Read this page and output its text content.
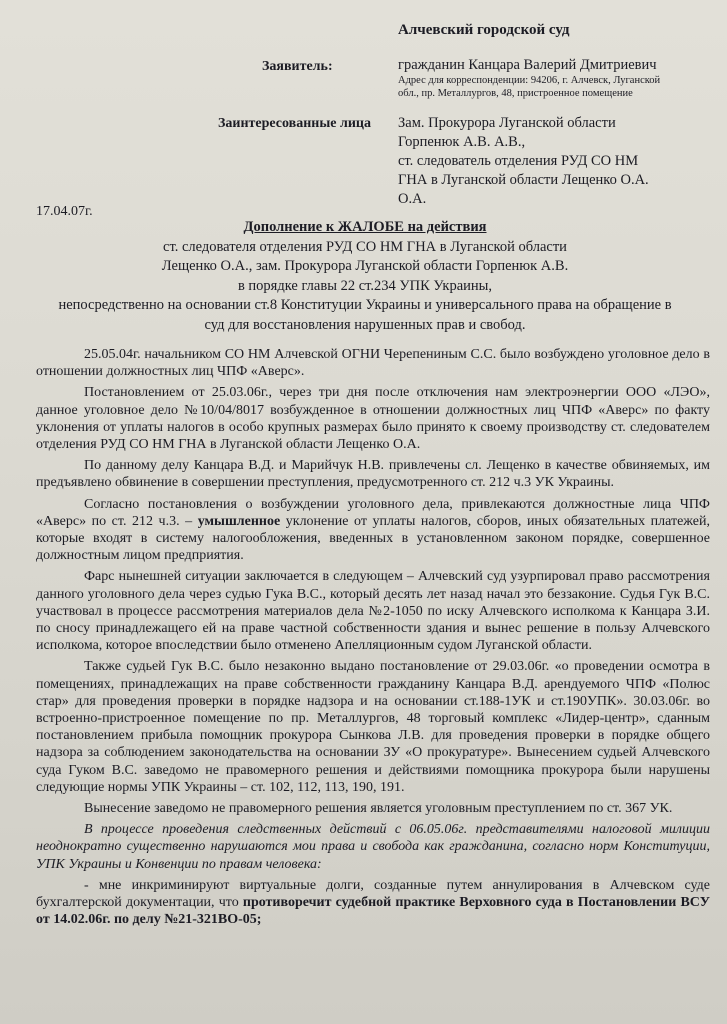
Алчевский городской суд
Заявитель:	гражданин Канцара Валерий Дмитриевич
Адрес для корреспонденции: 94206, г. Алчевск, Луганской
обл., пр. Металлургов, 48, пристроенное помещение
Заинтересованные лица Зам. Прокурора Луганской области
Горпенюк А.В. А.В.,
ст. следователь отделения РУД СО НМ
ГНА в Луганской области Лещенко О.А.
О.А.
17.04.07г.
Дополнение к ЖАЛОБЕ на действия
ст. следователя отделения РУД СО НМ ГНА в Луганской области
Лещенко О.А., зам. Прокурора Луганской области Горпенюк А.В.
в порядке главы 22 ст.234 УПК Украины,
непосредственно на основании ст.8 Конституции Украины и универсального права на обращение в
суд для восстановления нарушенных прав и свобод.

25.05.04г. начальником СО НМ Алчевской ОГНИ Черепениным С.С. было возбуждено уголовное дело в отношении должностных лиц ЧПФ «Аверс».

Постановлением от 25.03.06г., через три дня после отключения нам электроэнергии ООО «ЛЭО», данное уголовное дело №10/04/8017 возбужденное в отношении должностных лиц ЧПФ «Аверс» по факту уклонения от уплаты налогов в особо крупных размерах было принято к своему производству ст. следователем отделения РУД СО НМ ГНА в Луганской области Лещенко О.А.

По данному делу Канцара В.Д. и Марийчук Н.В. привлечены сл. Лещенко в качестве обвиняемых, им предъявлено обвинение в совершении преступления, предусмотренного ст. 212 ч.3 УК Украины.

Согласно постановления о возбуждении уголовного дела, привлекаются должностные лица ЧПФ «Аверс» по ст. 212 ч.3. – умышленное уклонение от уплаты налогов, сборов, иных обязательных платежей, которые входят в систему налогообложения, введенных в установленном законом порядке, совершенное должностным лицом предприятия.

Фарс нынешней ситуации заключается в следующем – Алчевский суд узурпировал право рассмотрения данного уголовного дела через судью Гука В.С., который десять лет назад начал это беззаконие. Судья Гук В.С. участвовал в процессе рассмотрения материалов дела №2-1050 по иску Алчевского исполкома к Канцара З.И. по сносу принадлежащего ей на праве частной собственности здания и вынес решение в пользу Алчевского исполкома, которое впоследствии было отменено Апелляционным судом Луганской области.

Также судьей Гук В.С. было незаконно выдано постановление от 29.03.06г. «о проведении осмотра в помещениях, принадлежащих на праве собственности гражданину Канцара В.Д. арендуемого ЧПФ «Полюс стар» для проведения проверки в порядке надзора и на основании ст.188-1УК и ст.190УПК». 30.03.06г. во встроенно-пристроенное помещение по пр. Металлургов, 48 торговый комплекс «Лидер-центр», сданным постановлением прибыла помощник прокурора Сынкова Л.В. для проведения проверки в порядке общего надзора за соблюдением законодательства на основании ЗУ «О прокуратуре». Вынесением судьей Алчевского суда Гуком В.С. заведомо не правомерного решения и действиями помощника прокурора были нарушены следующие нормы УПК Украины – ст. 102, 112, 113, 190, 191.

Вынесение заведомо не правомерного решения является уголовным преступлением по ст. 367 УК.

В процессе проведения следственных действий с 06.05.06г. представителями налоговой милиции неоднократно существенно нарушаются мои права и свобода как гражданина, согласно норм Конституции, УПК Украины и Конвенции по правам человека:

- мне инкриминируют виртуальные долги, созданные путем аннулирования в Алчевском суде бухгалтерской документации, что противоречит судебной практике Верховного суда в Постановлении ВСУ от 14.02.06г. по делу №21-321ВО-05;
